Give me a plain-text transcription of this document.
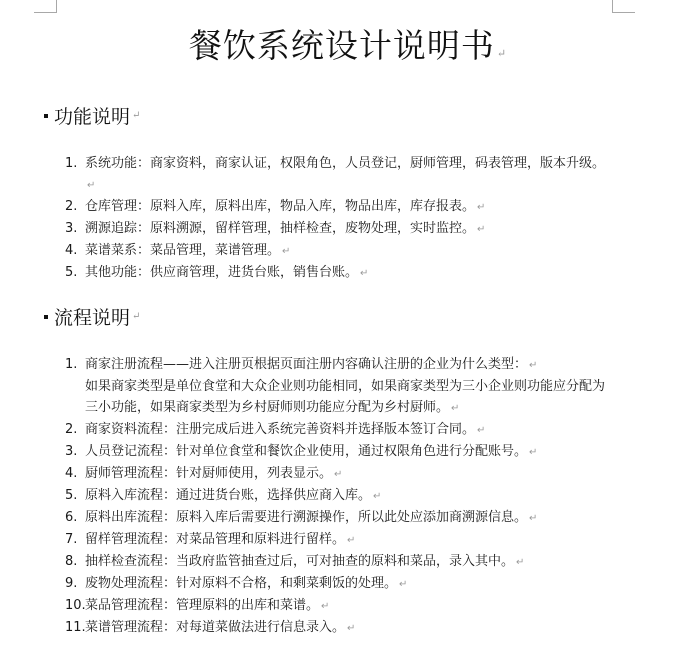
餐饮系统设计说明书 ↵
功能说明 ↵
1. 系统功能：商家资料，商家认证，权限角色，人员登记，厨师管理，码表管理，版本升级。↵
2. 仓库管理：原料入库，原料出库，物品入库，物品出库，库存报表。 ↵
3. 溯源追踪：原料溯源，留样管理，抽样检查，废物处理，实时监控。 ↵
4. 菜谱菜系：菜品管理，菜谱管理。 ↵
5. 其他功能：供应商管理，进货台账，销售台账。 ↵
流程说明 ↵
1. 商家注册流程——进入注册页根据页面注册内容确认注册的企业为什么类型： ↵
如果商家类型是单位食堂和大众企业则功能相同，如果商家类型为三小企业则功能应分配为三小功能，如果商家类型为乡村厨师则功能应分配为乡村厨师。 ↵
2. 商家资料流程：注册完成后进入系统完善资料并选择版本签订合同。 ↵
3. 人员登记流程：针对单位食堂和餐饮企业使用，通过权限角色进行分配账号。 ↵
4. 厨师管理流程：针对厨师使用，列表显示。 ↵
5. 原料入库流程：通过进货台账，选择供应商入库。 ↵
6. 原料出库流程：原料入库后需要进行溯源操作，所以此处应添加商溯源信息。 ↵
7. 留样管理流程：对菜品管理和原料进行留样。 ↵
8. 抽样检查流程：当政府监管抽查过后，可对抽查的原料和菜品，录入其中。 ↵
9. 废物处理流程：针对原料不合格，和剩菜剩饭的处理。 ↵
10. 菜品管理流程：管理原料的出库和菜谱。 ↵
11. 菜谱管理流程：对每道菜做法进行信息录入。 ↵
